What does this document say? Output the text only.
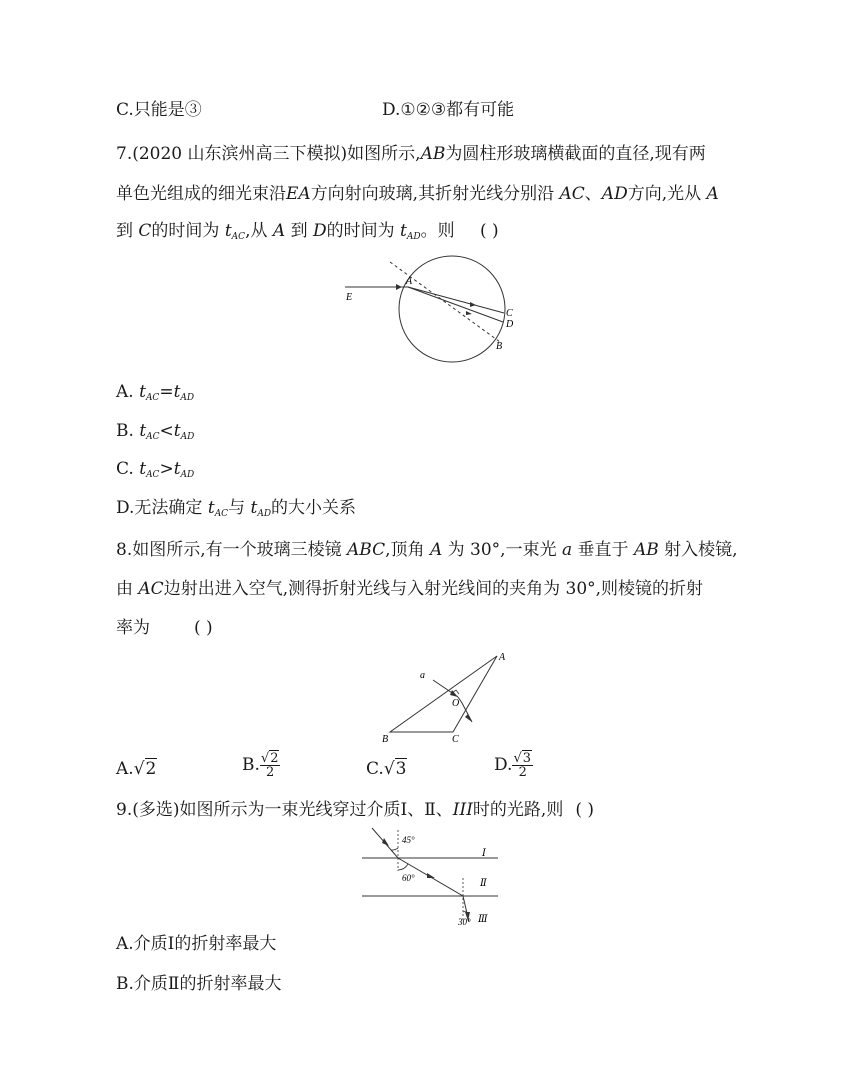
C.只能是③	D.①②③都有可能
7.(2020 山东滨州高三下模拟)如图所示,AB为圆柱形玻璃横截面的直径,现有两
单色光组成的细光束沿EA方向射向玻璃,其折射光线分别沿 AC、AD方向,光从 A
到 C的时间为 $t_{AC}$,从 A 到 D的时间为 $t_{AD}$。则 ( )
E
A
C
D
B
A. $t_{AC}=t_{AD}$
B. $t_{AC}<t_{AD}$
C. $t_{AC}>t_{AD}$
D.无法确定 $t_{AC}$与 $t_{AD}$的大小关系
8.如图所示,有一个玻璃三棱镜 ABC,顶角 A 为 30°,一束光 a 垂直于 AB 射入棱镜,
由 AC边射出进入空气,测得折射光线与入射光线间的夹角为 30°,则棱镜的折射
率为	( )
A
a
O
B	C
A.√2	B. $\frac{√2}{2}$	C.√3	D. $\frac{√3}{2}$
9.(多选)如图所示为一束光线穿过介质Ⅰ、Ⅱ、III时的光路,则 ( )
45°
60°
30°
Ⅰ
Ⅱ
Ⅲ
A.介质Ⅰ的折射率最大
B.介质Ⅱ的折射率最大
